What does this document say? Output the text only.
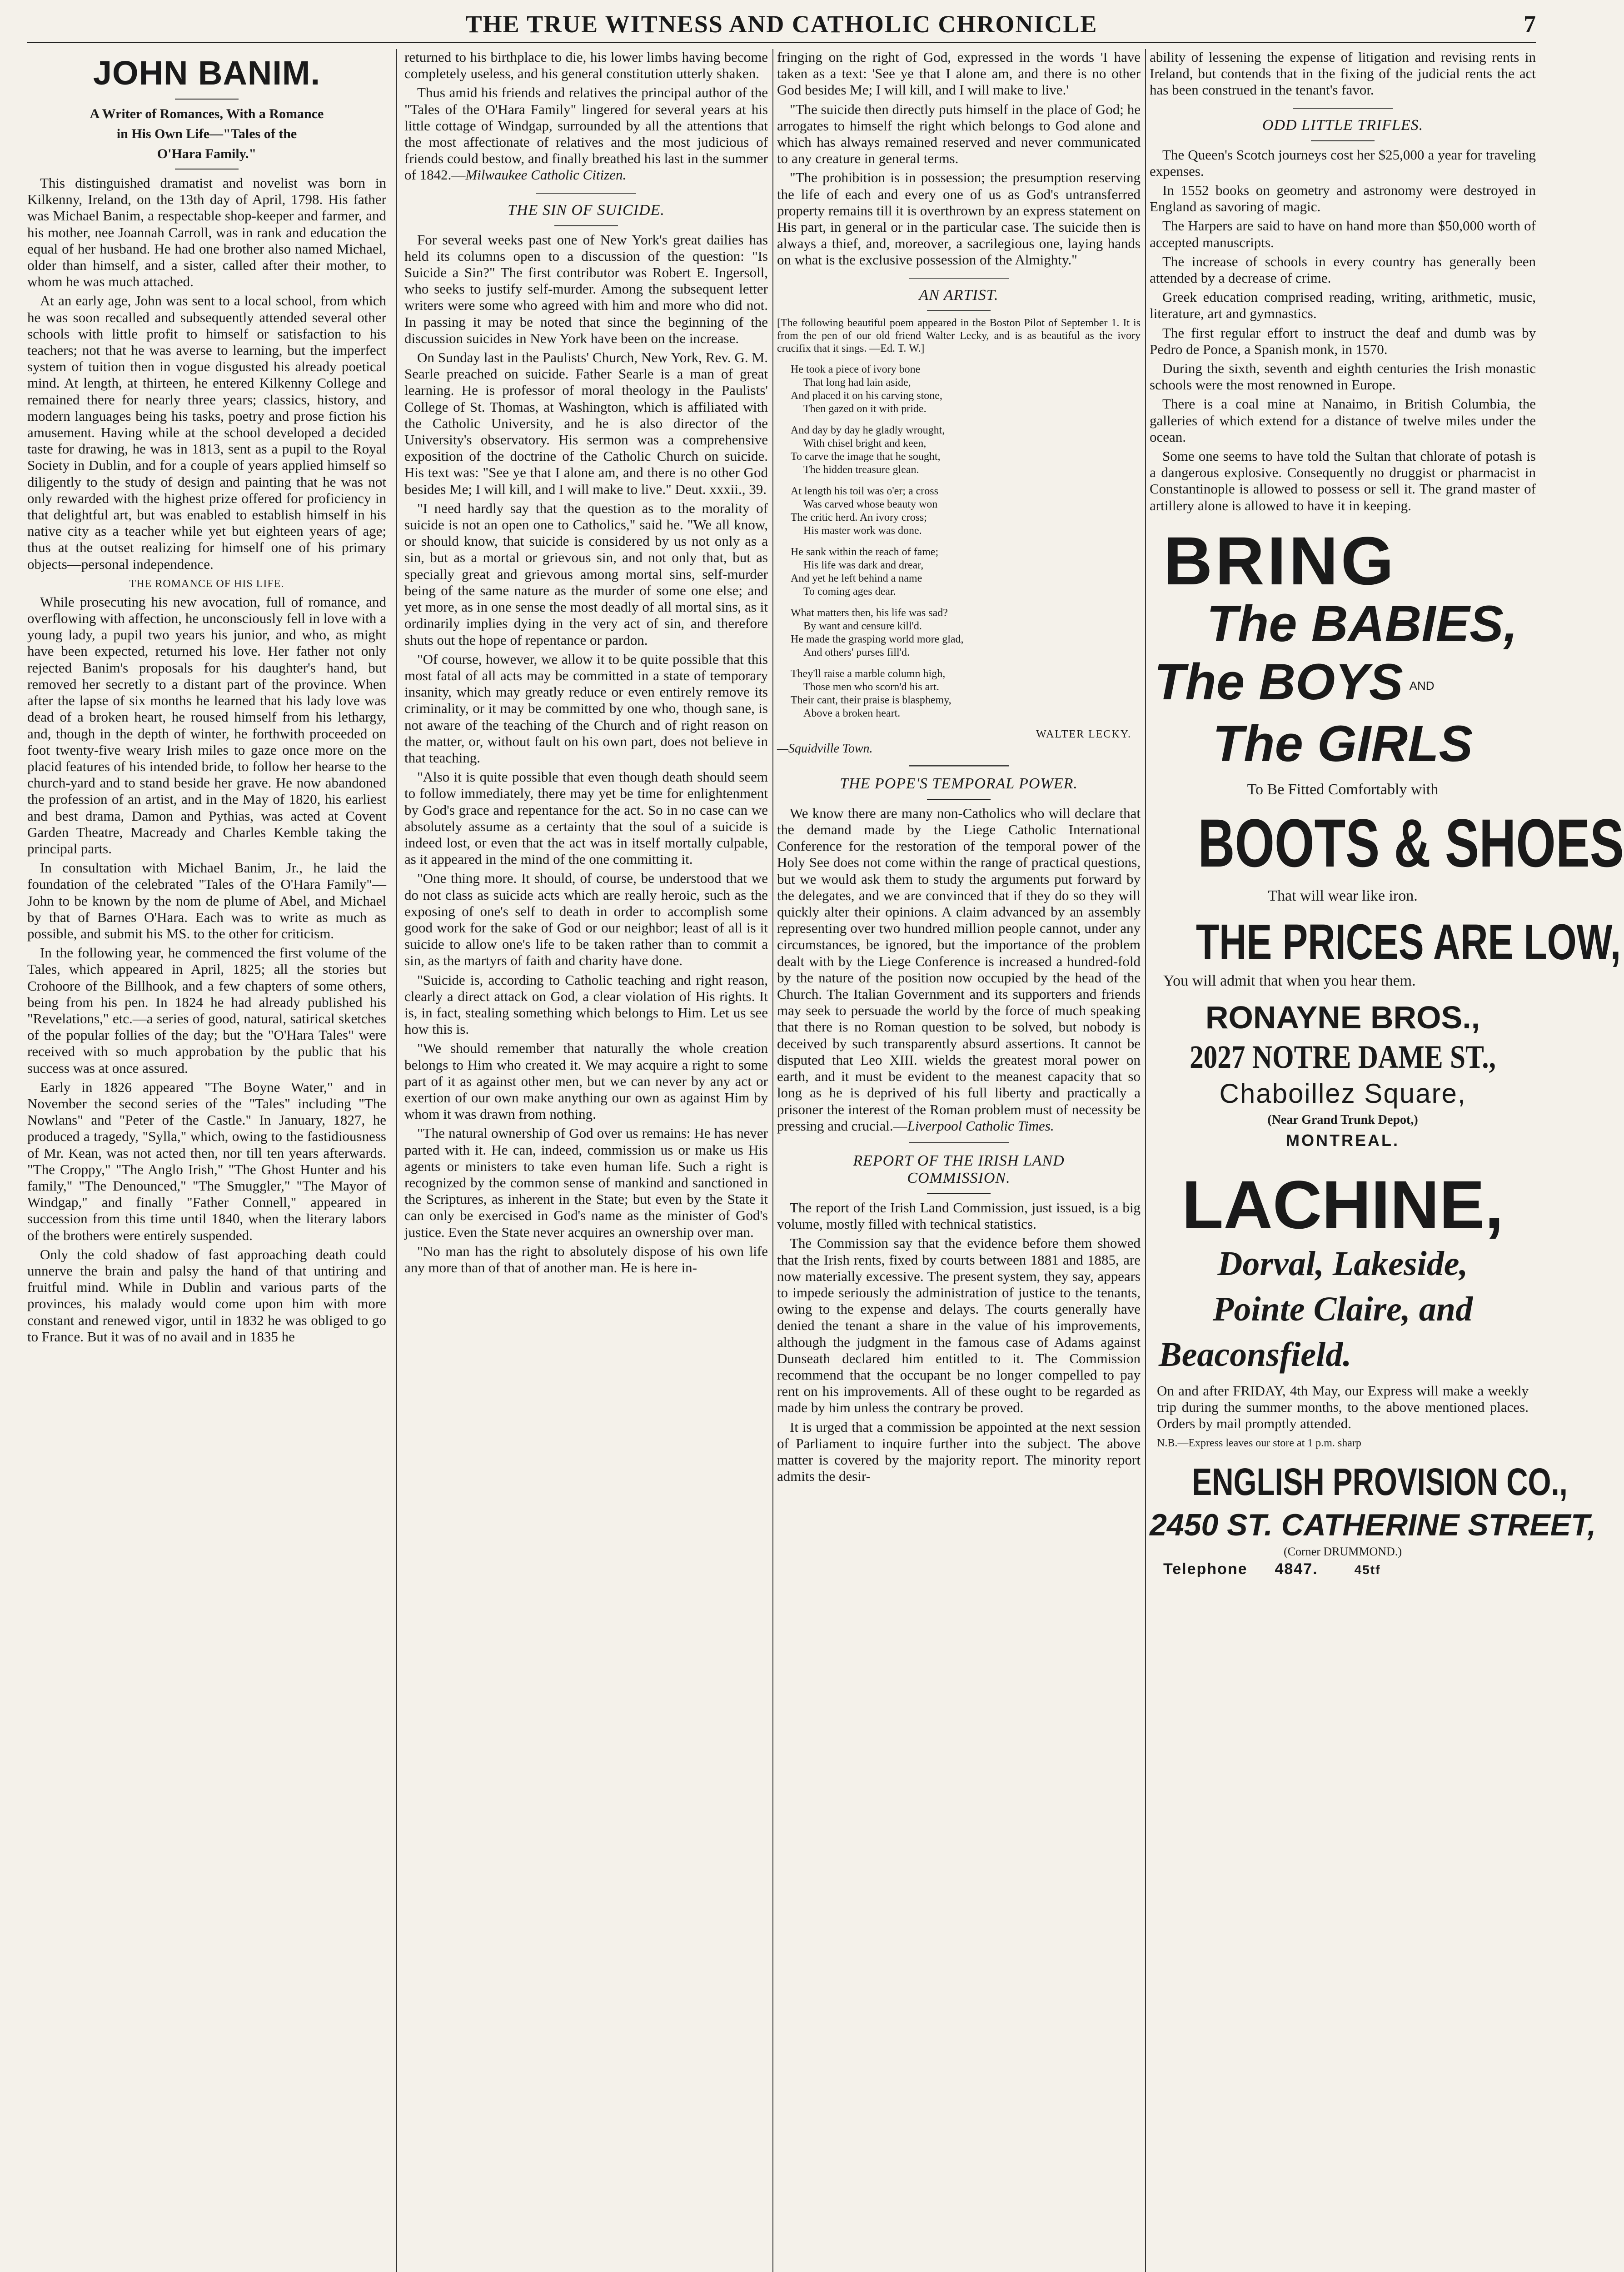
THE TRUE WITNESS AND CATHOLIC CHRONICLE	7
JOHN BANIM.
A Writer of Romances, With a Romance
in His Own Life—"Tales of the
O'Hara Family."

This distinguished dramatist and novelist was born in Kilkenny, Ireland, on the 13th day of April, 1798. His father was Michael Banim, a respectable shop-keeper and farmer, and his mother, nee Joannah Carroll, was in rank and education the equal of her husband. He had one brother also named Michael, older than himself, and a sister, called after their mother, to whom he was much attached.

At an early age, John was sent to a local school, from which he was soon recalled and subsequently attended several other schools with little profit to himself or satisfaction to his teachers; not that he was averse to learning, but the imperfect system of tuition then in vogue disgusted his already poetical mind. At length, at thirteen, he entered Kilkenny College and remained there for nearly three years; classics, history, and modern languages being his tasks, poetry and prose fiction his amusement. Having while at the school developed a decided taste for drawing, he was in 1813, sent as a pupil to the Royal Society in Dublin, and for a couple of years applied himself so diligently to the study of design and painting that he was not only rewarded with the highest prize offered for proficiency in that delightful art, but was enabled to establish himself in his native city as a teacher while yet but eighteen years of age; thus at the outset realizing for himself one of his primary objects—personal independence.

THE ROMANCE OF HIS LIFE.

While prosecuting his new avocation, full of romance, and overflowing with affection, he unconsciously fell in love with a young lady, a pupil two years his junior, and who, as might have been expected, returned his love. Her father not only rejected Banim's proposals for his daughter's hand, but removed her secretly to a distant part of the province. When after the lapse of six months he learned that his lady love was dead of a broken heart, he roused himself from his lethargy, and, though in the depth of winter, he forthwith proceeded on foot twenty-five weary Irish miles to gaze once more on the placid features of his intended bride, to follow her hearse to the church-yard and to stand beside her grave. He now abandoned the profession of an artist, and in the May of 1820, his earliest and best drama, Damon and Pythias, was acted at Covent Garden Theatre, Macready and Charles Kemble taking the principal parts.

In consultation with Michael Banim, Jr., he laid the foundation of the celebrated "Tales of the O'Hara Family"—John to be known by the nom de plume of Abel, and Michael by that of Barnes O'Hara. Each was to write as much as possible, and submit his MS. to the other for criticism.

In the following year, he commenced the first volume of the Tales, which appeared in April, 1825; all the stories but Crohoore of the Billhook, and a few chapters of some others, being from his pen. In 1824 he had already published his "Revelations," etc.—a series of good, natural, satirical sketches of the popular follies of the day; but the "O'Hara Tales" were received with so much approbation by the public that his success was at once assured.

Early in 1826 appeared "The Boyne Water," and in November the second series of the "Tales" including "The Nowlans" and "Peter of the Castle." In January, 1827, he produced a tragedy, "Sylla," which, owing to the fastidiousness of Mr. Kean, was not acted then, nor till ten years afterwards. "The Croppy," "The Anglo Irish," "The Ghost Hunter and his family," "The Denounced," "The Smuggler," "The Mayor of Windgap," and finally "Father Connell," appeared in succession from this time until 1840, when the literary labors of the brothers were entirely suspended.

Only the cold shadow of fast approaching death could unnerve the brain and palsy the hand of that untiring and fruitful mind. While in Dublin and various parts of the provinces, his malady would come upon him with more constant and renewed vigor, until in 1832 he was obliged to go to France. But it was of no avail and in 1835 he

returned to his birthplace to die, his lower limbs having become completely useless, and his general constitution utterly shaken.

Thus amid his friends and relatives the principal author of the "Tales of the O'Hara Family" lingered for several years at his little cottage of Windgap, surrounded by all the attentions that the most affectionate of relatives and the most judicious of friends could bestow, and finally breathed his last in the summer of 1842.—Milwaukee Catholic Citizen.

THE SIN OF SUICIDE.

For several weeks past one of New York's great dailies has held its columns open to a discussion of the question: "Is Suicide a Sin?" The first contributor was Robert E. Ingersoll, who seeks to justify self-murder. Among the subsequent letter writers were some who agreed with him and more who did not. In passing it may be noted that since the beginning of the discussion suicides in New York have been on the increase.

On Sunday last in the Paulists' Church, New York, Rev. G. M. Searle preached on suicide. Father Searle is a man of great learning. He is professor of moral theology in the Paulists' College of St. Thomas, at Washington, which is affiliated with the Catholic University, and he is also director of the University's observatory. His sermon was a comprehensive exposition of the doctrine of the Catholic Church on suicide. His text was: "See ye that I alone am, and there is no other God besides Me; I will kill, and I will make to live." Deut. xxxii., 39.

"I need hardly say that the question as to the morality of suicide is not an open one to Catholics," said he. "We all know, or should know, that suicide is considered by us not only as a sin, but as a mortal or grievous sin, and not only that, but as specially great and grievous among mortal sins, self-murder being of the same nature as the murder of some one else; and yet more, as in one sense the most deadly of all mortal sins, as it ordinarily implies dying in the very act of sin, and therefore shuts out the hope of repentance or pardon.

"Of course, however, we allow it to be quite possible that this most fatal of all acts may be committed in a state of temporary insanity, which may greatly reduce or even entirely remove its criminality, or it may be committed by one who, though sane, is not aware of the teaching of the Church and of right reason on the matter, or, without fault on his own part, does not believe in that teaching.

"Also it is quite possible that even though death should seem to follow immediately, there may yet be time for enlightenment by God's grace and repentance for the act. So in no case can we absolutely assume as a certainty that the soul of a suicide is indeed lost, or even that the act was in itself mortally culpable, as it appeared in the mind of the one committing it.

"One thing more. It should, of course, be understood that we do not class as suicide acts which are really heroic, such as the exposing of one's self to death in order to accomplish some good work for the sake of God or our neighbor; least of all is it suicide to allow one's life to be taken rather than to commit a sin, as the martyrs of faith and charity have done.

"Suicide is, according to Catholic teaching and right reason, clearly a direct attack on God, a clear violation of His rights. It is, in fact, stealing something which belongs to Him. Let us see how this is.

"We should remember that naturally the whole creation belongs to Him who created it. We may acquire a right to some part of it as against other men, but we can never by any act or exertion of our own make anything our own as against Him by whom it was drawn from nothing.

"The natural ownership of God over us remains: He has never parted with it. He can, indeed, commission us or make us His agents or ministers to take even human life. Such a right is recognized by the common sense of mankind and sanctioned in the Scriptures, as inherent in the State; but even by the State it can only be exercised in God's name as the minister of God's justice. Even the State never acquires an ownership over man.

"No man has the right to absolutely dispose of his own life any more than of that of another man. He is here in-

fringing on the right of God, expressed in the words 'I have taken as a text: 'See ye that I alone am, and there is no other God besides Me; I will kill, and I will make to live.'

"The suicide then directly puts himself in the place of God; he arrogates to himself the right which belongs to God alone and which has always remained reserved and never communicated to any creature in general terms.

"The prohibition is in possession; the presumption reserving the life of each and every one of us as God's untransferred property remains till it is overthrown by an express statement on His part, in general or in the particular case. The suicide then is always a thief, and, moreover, a sacrilegious one, laying hands on what is the exclusive possession of the Almighty."

AN ARTIST.

[The following beautiful poem appeared in the Boston Pilot of September 1. It is from the pen of our old friend Walter Lecky, and is as beautiful as the ivory crucifix that it sings. —Ed. T. W.]

He took a piece of ivory bone
That long had lain aside,
And placed it on his carving stone,
Then gazed on it with pride.
And day by day he gladly wrought,
With chisel bright and keen,
To carve the image that he sought,
The hidden treasure glean.
At length his toil was o'er; a cross
Was carved whose beauty won
The critic herd. An ivory cross;
His master work was done.
He sank within the reach of fame;
His life was dark and drear,
And yet he left behind a name
To coming ages dear.
What matters then, his life was sad?
By want and censure kill'd.
He made the grasping world more glad,
And others' purses fill'd.
They'll raise a marble column high,
Those men who scorn'd his art.
Their cant, their praise is blasphemy,
Above a broken heart.
WALTER LECKY.

—Squidville Town.

THE POPE'S TEMPORAL POWER.

We know there are many non-Catholics who will declare that the demand made by the Liege Catholic International Conference for the restoration of the temporal power of the Holy See does not come within the range of practical questions, but we would ask them to study the arguments put forward by the delegates, and we are convinced that if they do so they will quickly alter their opinions. A claim advanced by an assembly representing over two hundred million people cannot, under any circumstances, be ignored, but the importance of the problem dealt with by the Liege Conference is increased a hundred-fold by the nature of the position now occupied by the head of the Church. The Italian Government and its supporters and friends may seek to persuade the world by the force of much speaking that there is no Roman question to be solved, but nobody is deceived by such transparently absurd assertions. It cannot be disputed that Leo XIII. wields the greatest moral power on earth, and it must be evident to the meanest capacity that so long as he is deprived of his full liberty and practically a prisoner the interest of the Roman problem must of necessity be pressing and crucial.—Liverpool Catholic Times.

REPORT OF THE IRISH LAND
COMMISSION.

The report of the Irish Land Commission, just issued, is a big volume, mostly filled with technical statistics.

The Commission say that the evidence before them showed that the Irish rents, fixed by courts between 1881 and 1885, are now materially excessive. The present system, they say, appears to impede seriously the administration of justice to the tenants, owing to the expense and delays. The courts generally have denied the tenant a share in the value of his improvements, although the judgment in the famous case of Adams against Dunseath declared him entitled to it. The Commission recommend that the occupant be no longer compelled to pay rent on his improvements. All of these ought to be regarded as made by him unless the contrary be proved.

It is urged that a commission be appointed at the next session of Parliament to inquire further into the subject. The above matter is covered by the majority report. The minority report admits the desir-

ability of lessening the expense of litigation and revising rents in Ireland, but contends that in the fixing of the judicial rents the act has been construed in the tenant's favor.

ODD LITTLE TRIFLES.

The Queen's Scotch journeys cost her $25,000 a year for traveling expenses.

In 1552 books on geometry and astronomy were destroyed in England as savoring of magic.

The Harpers are said to have on hand more than $50,000 worth of accepted manuscripts.

The increase of schools in every country has generally been attended by a decrease of crime.

Greek education comprised reading, writing, arithmetic, music, literature, art and gymnastics.

The first regular effort to instruct the deaf and dumb was by Pedro de Ponce, a Spanish monk, in 1570.

During the sixth, seventh and eighth centuries the Irish monastic schools were the most renowned in Europe.

There is a coal mine at Nanaimo, in British Columbia, the galleries of which extend for a distance of twelve miles under the ocean.

Some one seems to have told the Sultan that chlorate of potash is a dangerous explosive. Consequently no druggist or pharmacist in Constantinople is allowed to possess or sell it. The grand master of artillery alone is allowed to have it in keeping.

BRING
The BABIES,
The BOYS AND
The GIRLS
To Be Fitted Comfortably with
BOOTS & SHOES
That will wear like iron.
THE PRICES ARE LOW,
You will admit that when you hear them.
RONAYNE BROS.,
2027 NOTRE DAME ST.,
Chaboillez Square,
(Near Grand Trunk Depot,)
MONTREAL.
LACHINE,
Dorval, Lakeside,
Pointe Claire, and
Beaconsfield.
On and after FRIDAY, 4th May, our Express will make a weekly trip during the summer months, to the above mentioned places. Orders by mail promptly attended.
N.B.—Express leaves our store at 1 p.m. sharp
ENGLISH PROVISION CO.,
2450 ST. CATHERINE STREET,
(Corner DRUMMOND.)
Telephone 4847.	45tf
